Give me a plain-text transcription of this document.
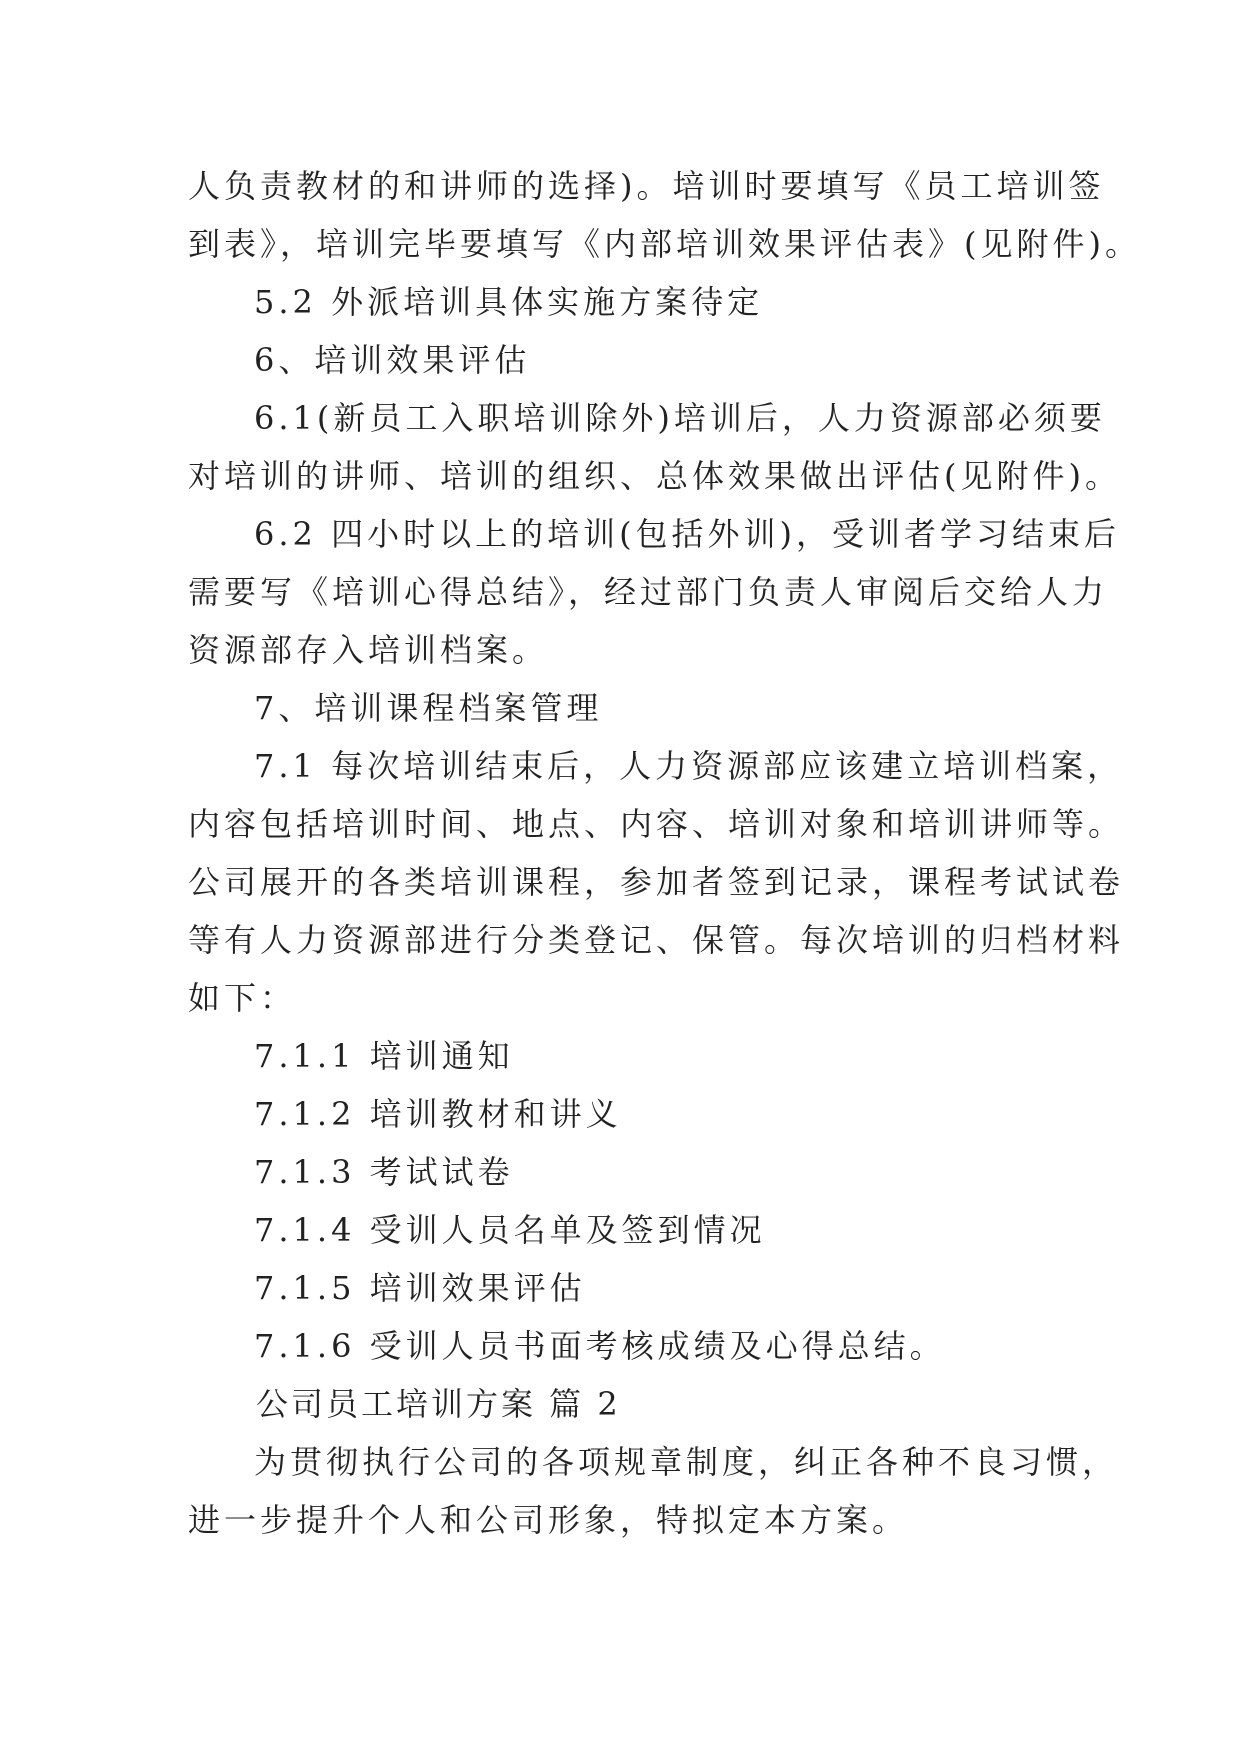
人负责教材的和讲师的选择)。培训时要填写《员工培训签

到表》，培训完毕要填写《内部培训效果评估表》(见附件)。

5.2 外派培训具体实施方案待定

6、培训效果评估

6.1(新员工入职培训除外)培训后，人力资源部必须要

对培训的讲师、培训的组织、总体效果做出评估(见附件)。

6.2 四小时以上的培训(包括外训)，受训者学习结束后

需要写《培训心得总结》，经过部门负责人审阅后交给人力

资源部存入培训档案。

7、培训课程档案管理

7.1 每次培训结束后，人力资源部应该建立培训档案，

内容包括培训时间、地点、内容、培训对象和培训讲师等。

公司展开的各类培训课程，参加者签到记录，课程考试试卷

等有人力资源部进行分类登记、保管。每次培训的归档材料

如下：

7.1.1 培训通知

7.1.2 培训教材和讲义

7.1.3 考试试卷

7.1.4 受训人员名单及签到情况

7.1.5 培训效果评估

7.1.6 受训人员书面考核成绩及心得总结。

公司员工培训方案 篇 2

为贯彻执行公司的各项规章制度，纠正各种不良习惯，

进一步提升个人和公司形象，特拟定本方案。
